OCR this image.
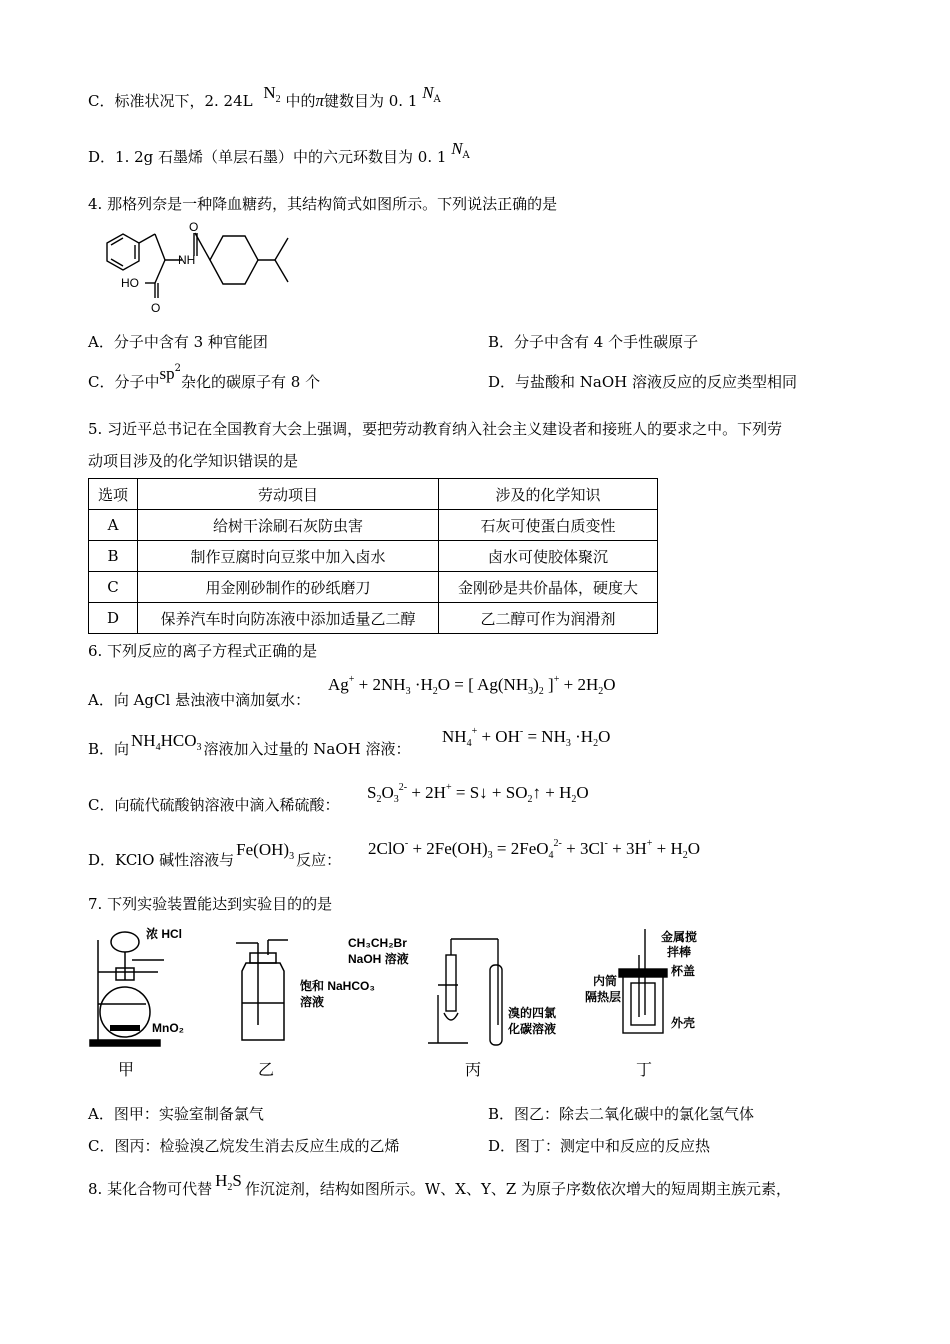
C．标准状况下，2. 24L $N_2$ 中的π键数目为 0. 1 $N^A$
D．1. 2g 石墨烯（单层石墨）中的六元环数目为 0. 1 $N^A$
4. 那格列奈是一种降血糖药，其结构简式如图所示。下列说法正确的是
O
NH
HO
O
A．分子中含有 3 种官能团	B．分子中含有 4 个手性碳原子
C．分子中$sp^2$杂化的碳原子有 8 个	D．与盐酸和 NaOH 溶液反应的反应类型相同
5. 习近平总书记在全国教育大会上强调，要把劳动教育纳入社会主义建设者和接班人的要求之中。下列劳
动项目涉及的化学知识错误的是
选项	劳动项目	涉及的化学知识
A	给树干涂刷石灰防虫害	石灰可使蛋白质变性
B	制作豆腐时向豆浆中加入卤水	卤水可使胶体聚沉
C	用金刚砂制作的砂纸磨刀	金刚砂是共价晶体，硬度大
D	保养汽车时向防冻液中添加适量乙二醇	乙二醇可作为润滑剂
6. 下列反应的离子方程式正确的是
A．向 AgCl 悬浊液中滴加氨水：
$Ag^+ + 2NH_3 \cdot H_2O$ = [ $Ag(NH_3)_2$ ]$^+ + 2H_2O$
B．向 $NH_4HCO_3$ 溶液加入过量的 NaOH 溶液：
$NH_4^+ + OH^- = NH_3 \cdot H_2O$
C．向硫代硫酸钠溶液中滴入稀硫酸：
$S_2O_3^{2-} + 2H^+$ = S↓ + $SO_2↑ + H_2O$
D．KClO 碱性溶液与$Fe(OH)_3$ 反应：
$2ClO^- + 2Fe(OH)_3 = 2FeO_4^{2-} + 3Cl^- + 3H^+ + H_2O$
7. 下列实验装置能达到实验目的的是
浓 HCl
MnO₂
饱和 NaHCO₃
溶液
CH₃CH₂Br
NaOH 溶液
溴的四氯
化碳溶液
金属搅
拌棒
内筒
隔热层
杯盖
外壳
甲	乙	丙	丁
A．图甲：实验室制备氯气	B．图乙：除去二氧化碳中的氯化氢气体
C．图丙：检验溴乙烷发生消去反应生成的乙烯	D．图丁：测定中和反应的反应热
8. 某化合物可代替 $H_2S$ 作沉淀剂，结构如图所示。W、X、Y、Z 为原子序数依次增大的短周期主族元素，
